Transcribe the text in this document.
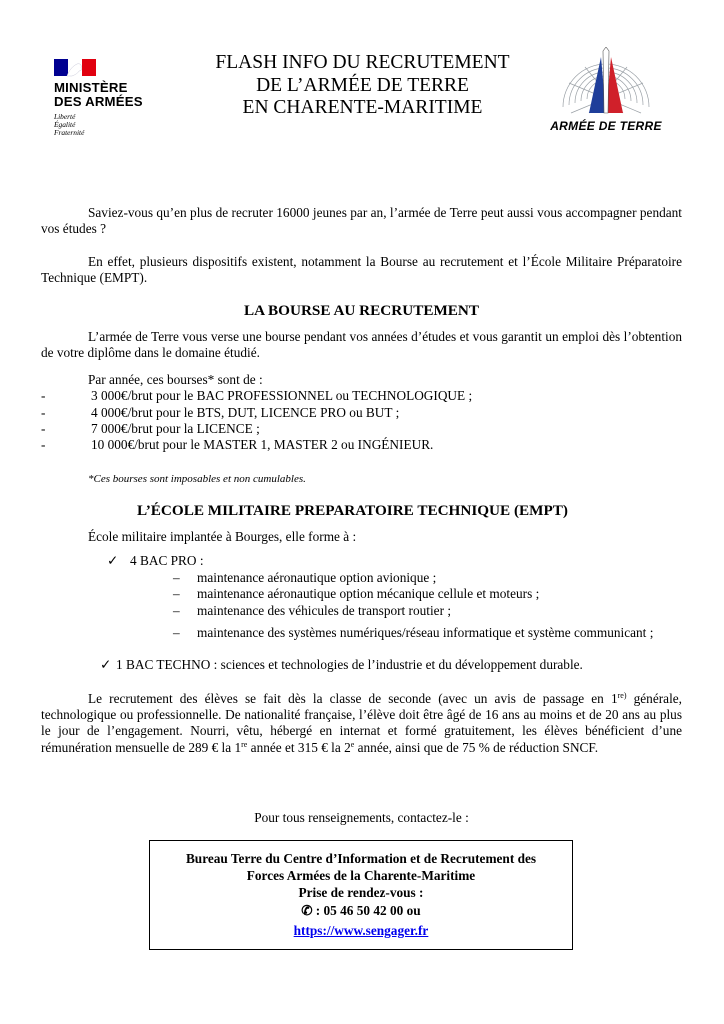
MINISTÈRE
DES ARMÉES
Liberté
Égalité
Fraternité
FLASH INFO DU RECRUTEMENT
DE L’ARMÉE DE TERRE
EN CHARENTE-MARITIME
ARMÉE DE TERRE
Saviez-vous qu’en plus de recruter 16000 jeunes par an, l’armée de Terre peut aussi vous accompagner pendant vos études ?
En effet, plusieurs dispositifs existent, notamment la Bourse au recrutement et l’École Militaire Préparatoire Technique (EMPT).
LA BOURSE AU RECRUTEMENT
L’armée de Terre vous verse une bourse pendant vos années d’études et vous garantit un emploi dès l’obtention de votre diplôme dans le domaine étudié.
Par année, ces bourses* sont de :
-	3 000€/brut pour le BAC PROFESSIONNEL ou TECHNOLOGIQUE ;
-	4 000€/brut pour le BTS, DUT, LICENCE PRO ou BUT ;
-	7 000€/brut pour la LICENCE ;
-	10 000€/brut pour le MASTER 1, MASTER 2 ou INGÉNIEUR.
*Ces bourses sont imposables et non cumulables.
L’ÉCOLE MILITAIRE PREPARATOIRE TECHNIQUE (EMPT)
École militaire implantée à Bourges, elle forme à :
✓ 4 BAC PRO :
– maintenance aéronautique option avionique ;
– maintenance aéronautique option mécanique cellule et moteurs ;
– maintenance des véhicules de transport routier ;
– maintenance des systèmes numériques/réseau informatique et système communicant ;
✓ 1 BAC TECHNO : sciences et technologies de l’industrie et du développement durable.
Le recrutement des élèves se fait dès la classe de seconde (avec un avis de passage en $1^{re)}$ générale, technologique ou professionnelle. De nationalité française, l’élève doit être âgé de 16 ans au moins et de 20 ans au plus le jour de l’engagement. Nourri, vêtu, hébergé en internat et formé gratuitement, les élèves bénéficient d’une rémunération mensuelle de 289 € la 1re année et 315 € la 2e année, ainsi que de 75 % de réduction SNCF.
Pour tous renseignements, contactez-le :
Bureau Terre du Centre d’Information et de Recrutement des
Forces Armées de la Charente-Maritime
Prise de rendez-vous :
✆ : 05 46 50 42 00 ou
https://www.sengager.fr
